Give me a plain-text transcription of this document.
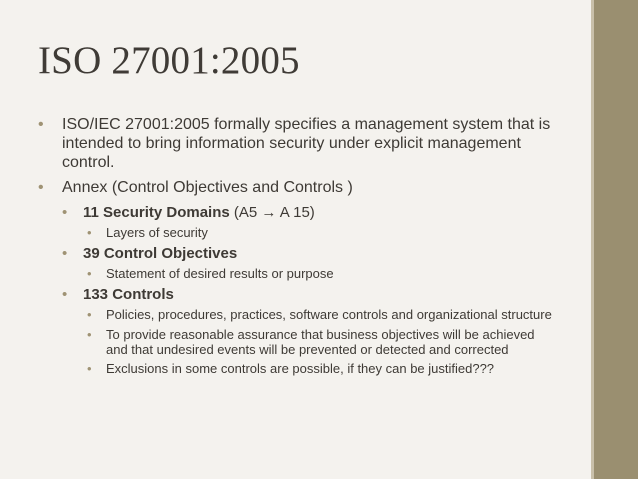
ISO 27001:2005
• ISO/IEC 27001:2005 formally specifies a management system that is intended to bring information security under explicit management control.
• Annex (Control Objectives and Controls )
• 11 Security Domains (A5 → A 15)
• Layers of security
• 39 Control Objectives
• Statement of desired results or purpose
• 133 Controls
• Policies, procedures, practices, software controls and organizational structure
• To provide reasonable assurance that business objectives will be achieved and that undesired events will be prevented or detected and corrected
• Exclusions in some controls are possible, if they can be justified???
